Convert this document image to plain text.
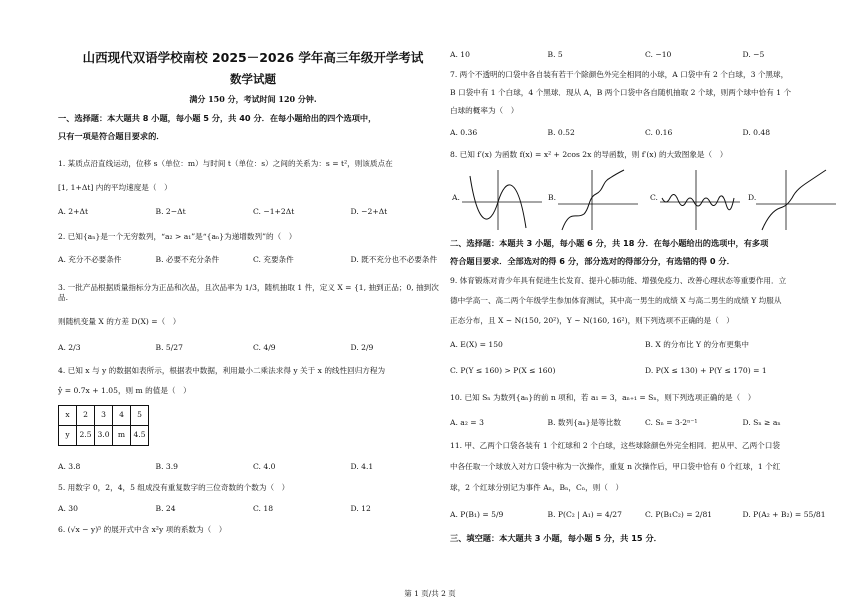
山西现代双语学校南校 2025－2026 学年高三年级开学考试
数学试题
满分 150 分，考试时间 120 分钟.
一、选择题：本大题共 8 小题，每小题 5 分，共 40 分．在每小题给出的四个选项中，
只有一项是符合题目要求的．
1. 某质点沿直线运动，位移 s（单位：m）与时间 t（单位：s）之间的关系为：s = t²，则该质点在
[1, 1+Δt] 内的平均速度是（　）
A. 2+Δt	B. 2−Δt	C. −1+2Δt	D. −2+Δt
2. 已知{aₙ}是一个无穷数列，“a₂ > a₁”是“{aₙ}为递增数列”的（　）
A. 充分不必要条件	B. 必要不充分条件	C. 充要条件	D. 既不充分也不必要条件
3. 一批产品根据质量指标分为正品和次品，且次品率为 1/3，随机抽取 1 件，定义 X = {1, 抽到正品；0, 抽到次品.
则随机变量 X 的方差 D(X) =（　）
A. 2/3	B. 5/27	C. 4/9	D. 2/9
4. 已知 x 与 y 的数据如表所示，根据表中数据，利用最小二乘法求得 y 关于 x 的线性回归方程为
ŷ = 0.7x + 1.05，则 m 的值是（　）
x	2	3	4	5
y	2.5	3.0	m	4.5
A. 3.8	B. 3.9	C. 4.0	D. 4.1
5. 用数字 0，2，4，5 组成没有重复数字的三位奇数的个数为（　）
A. 30	B. 24	C. 18	D. 12
6. (√x − y)⁵ 的展开式中含 x²y 项的系数为（　）
A. 10	B. 5	C. −10	D. −5
7. 两个不透明的口袋中各自装有若干个除颜色外完全相同的小球，A 口袋中有 2 个白球，3 个黑球，
B 口袋中有 1 个白球，4 个黑球．现从 A，B 两个口袋中各自随机抽取 2 个球，则两个球中恰有 1 个
白球的概率为（　）
A. 0.36	B. 0.52	C. 0.16	D. 0.48
8. 已知 f′(x) 为函数 f(x) = x² + 2cos 2x 的导函数，则 f′(x) 的大致图象是（　）
A.	B.	C.	D.
二、选择题：本题共 3 小题，每小题 6 分，共 18 分．在每小题给出的选项中，有多项
符合题目要求．全部选对的得 6 分，部分选对的得部分分，有选错的得 0 分．
9. 体育锻炼对青少年具有促进生长发育、提升心肺功能、增强免疫力、改善心理状态等重要作用．立
德中学高一、高二两个年级学生参加体育测试，其中高一男生的成绩 X 与高二男生的成绩 Y 均服从
正态分布，且 X ~ N(150, 20²)，Y ~ N(160, 16²)，则下列选项不正确的是（　）
A. E(X) = 150	B. X 的分布比 Y 的分布更集中
C. P(Y ≤ 160) > P(X ≤ 160)	D. P(X ≤ 130) + P(Y ≤ 170) = 1
10. 已知 Sₙ 为数列{aₙ}的前 n 项和，若 a₁ = 3，aₙ₊₁ = Sₙ，则下列选项正确的是（　）
A. a₂ = 3	B. 数列{aₙ}是等比数	C. Sₙ = 3·2ⁿ⁻¹	D. Sₙ ≥ aₙ
11. 甲、乙两个口袋各装有 1 个红球和 2 个白球，这些球除颜色外完全相同．把从甲、乙两个口袋
中各任取一个球放入对方口袋中称为一次操作，重复 n 次操作后，甲口袋中恰有 0 个红球，1 个红
球，2 个红球分别记为事件 Aₙ，Bₙ，Cₙ，则（　）
A. P(B₁) = 5/9	B. P(C₂ | A₁) = 4/27	C. P(B₁C₂) = 2/81	D. P(A₂ + B₂) = 55/81
三、填空题：本大题共 3 小题，每小题 5 分，共 15 分．
第 1 页/共 2 页
